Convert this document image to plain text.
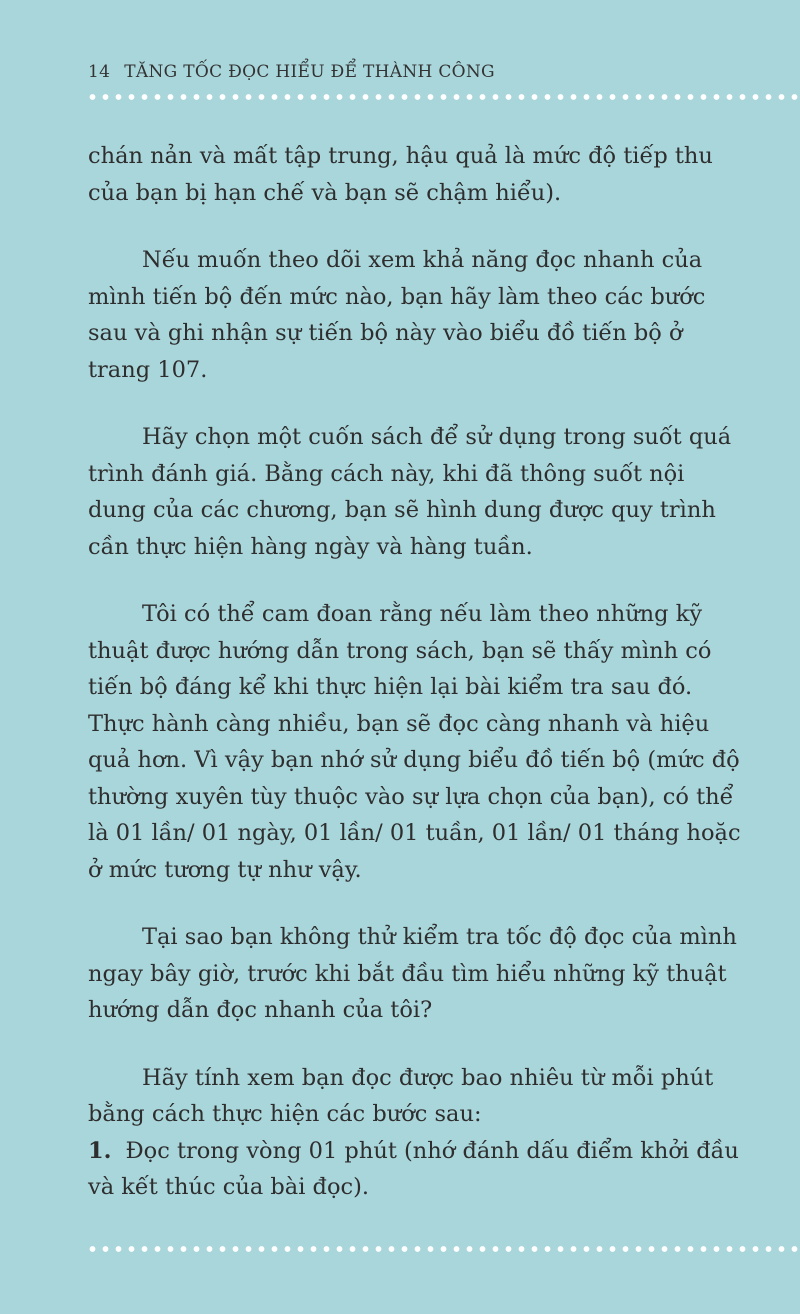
14 TĂNG TỐC ĐỌC HIỂU ĐỂ THÀNH CÔNG

chán nản và mất tập trung, hậu quả là mức độ tiếp thu của bạn bị hạn chế và bạn sẽ chậm hiểu).

Nếu muốn theo dõi xem khả năng đọc nhanh của mình tiến bộ đến mức nào, bạn hãy làm theo các bước sau và ghi nhận sự tiến bộ này vào biểu đồ tiến bộ ở trang 107.

Hãy chọn một cuốn sách để sử dụng trong suốt quá trình đánh giá. Bằng cách này, khi đã thông suốt nội dung của các chương, bạn sẽ hình dung được quy trình cần thực hiện hàng ngày và hàng tuần.

Tôi có thể cam đoan rằng nếu làm theo những kỹ thuật được hướng dẫn trong sách, bạn sẽ thấy mình có tiến bộ đáng kể khi thực hiện lại bài kiểm tra sau đó. Thực hành càng nhiều, bạn sẽ đọc càng nhanh và hiệu quả hơn. Vì vậy bạn nhớ sử dụng biểu đồ tiến bộ (mức độ thường xuyên tùy thuộc vào sự lựa chọn của bạn), có thể là 01 lần/ 01 ngày, 01 lần/ 01 tuần, 01 lần/ 01 tháng hoặc ở mức tương tự như vậy.

Tại sao bạn không thử kiểm tra tốc độ đọc của mình ngay bây giờ, trước khi bắt đầu tìm hiểu những kỹ thuật hướng dẫn đọc nhanh của tôi?

Hãy tính xem bạn đọc được bao nhiêu từ mỗi phút bằng cách thực hiện các bước sau:

1. Đọc trong vòng 01 phút (nhớ đánh dấu điểm khởi đầu và kết thúc của bài đọc).
